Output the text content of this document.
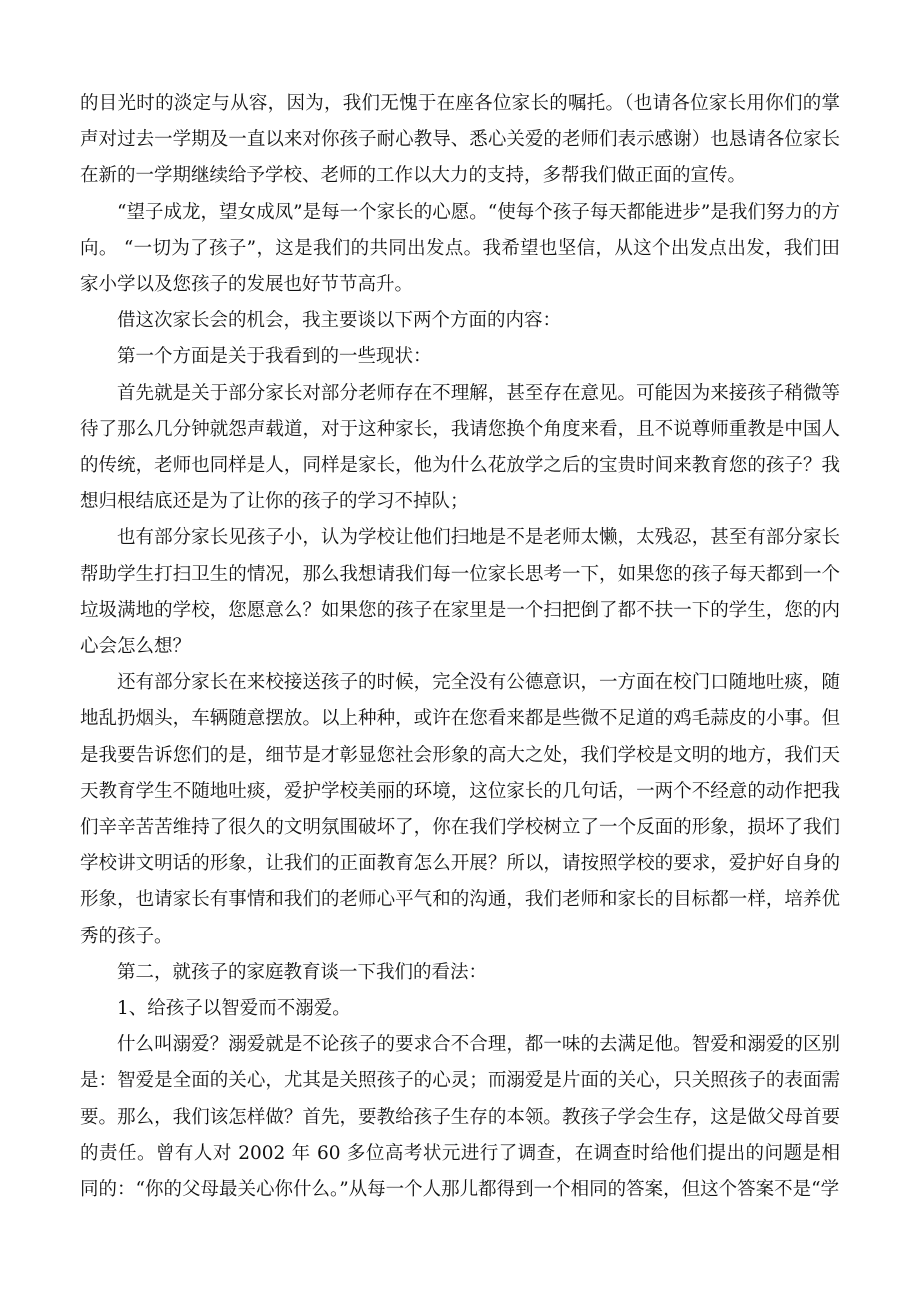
的目光时的淡定与从容，因为，我们无愧于在座各位家长的嘱托。（也请各位家长用你们的掌声对过去一学期及一直以来对你孩子耐心教导、悉心关爱的老师们表示感谢）也恳请各位家长在新的一学期继续给予学校、老师的工作以大力的支持，多帮我们做正面的宣传。

“望子成龙，望女成凤”是每一个家长的心愿。“使每个孩子每天都能进步”是我们努力的方向。 “一切为了孩子”，这是我们的共同出发点。我希望也坚信，从这个出发点出发，我们田家小学以及您孩子的发展也好节节高升。

借这次家长会的机会，我主要谈以下两个方面的内容：

第一个方面是关于我看到的一些现状：

首先就是关于部分家长对部分老师存在不理解，甚至存在意见。可能因为来接孩子稍微等待了那么几分钟就怨声载道，对于这种家长，我请您换个角度来看，且不说尊师重教是中国人的传统，老师也同样是人，同样是家长，他为什么花放学之后的宝贵时间来教育您的孩子？我想归根结底还是为了让你的孩子的学习不掉队；

也有部分家长见孩子小，认为学校让他们扫地是不是老师太懒，太残忍，甚至有部分家长帮助学生打扫卫生的情况，那么我想请我们每一位家长思考一下，如果您的孩子每天都到一个垃圾满地的学校，您愿意么？如果您的孩子在家里是一个扫把倒了都不扶一下的学生，您的内心会怎么想？

还有部分家长在来校接送孩子的时候，完全没有公德意识，一方面在校门口随地吐痰，随地乱扔烟头，车辆随意摆放。以上种种，或许在您看来都是些微不足道的鸡毛蒜皮的小事。但是我要告诉您们的是，细节是才彰显您社会形象的高大之处，我们学校是文明的地方，我们天天教育学生不随地吐痰，爱护学校美丽的环境，这位家长的几句话，一两个不经意的动作把我们辛辛苦苦维持了很久的文明氛围破坏了，你在我们学校树立了一个反面的形象，损坏了我们学校讲文明话的形象，让我们的正面教育怎么开展？所以，请按照学校的要求，爱护好自身的形象，也请家长有事情和我们的老师心平气和的沟通，我们老师和家长的目标都一样，培养优秀的孩子。

第二，就孩子的家庭教育谈一下我们的看法：

1、给孩子以智爱而不溺爱。

什么叫溺爱？溺爱就是不论孩子的要求合不合理，都一味的去满足他。智爱和溺爱的区别是：智爱是全面的关心，尤其是关照孩子的心灵；而溺爱是片面的关心，只关照孩子的表面需要。那么，我们该怎样做？首先，要教给孩子生存的本领。教孩子学会生存，这是做父母首要的责任。曾有人对 2002 年 60 多位高考状元进行了调查，在调查时给他们提出的问题是相同的：“你的父母最关心你什么。”从每一个人那儿都得到一个相同的答案，但这个答案不是“学
